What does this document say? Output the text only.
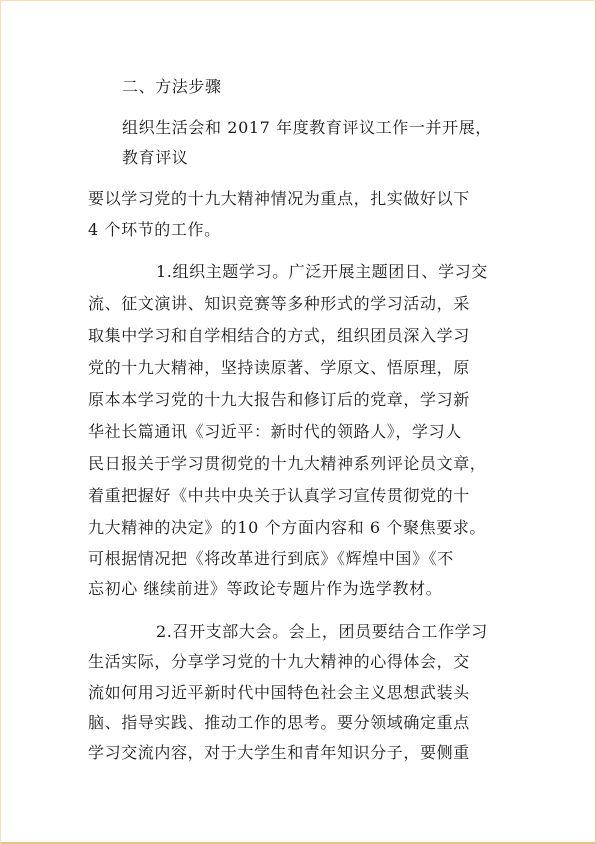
二、方法步骤
组织生活会和 2017 年度教育评议工作一并开展，
教育评议
要以学习党的十九大精神情况为重点，扎实做好以下
4 个环节的工作。
1.组织主题学习。广泛开展主题团日、学习交
流、征文演讲、知识竞赛等多种形式的学习活动，采
取集中学习和自学相结合的方式，组织团员深入学习
党的十九大精神，坚持读原著、学原文、悟原理，原
原本本学习党的十九大报告和修订后的党章，学习新
华社长篇通讯《习近平：新时代的领路人》，学习人
民日报关于学习贯彻党的十九大精神系列评论员文章，
着重把握好《中共中央关于认真学习宣传贯彻党的十
九大精神的决定》的10 个方面内容和 6 个聚焦要求。
可根据情况把《将改革进行到底》《辉煌中国》《不
忘初心 继续前进》等政论专题片作为选学教材。
2.召开支部大会。会上，团员要结合工作学习
生活实际，分享学习党的十九大精神的心得体会，交
流如何用习近平新时代中国特色社会主义思想武装头
脑、指导实践、推动工作的思考。要分领域确定重点
学习交流内容，对于大学生和青年知识分子，要侧重
